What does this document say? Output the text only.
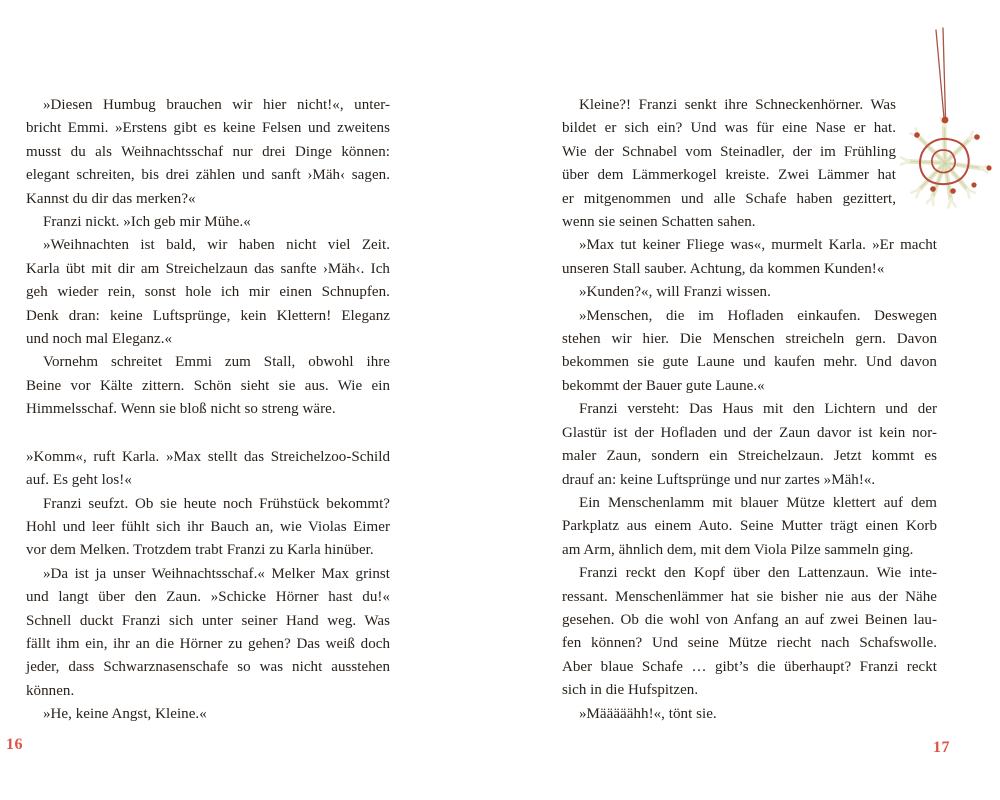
»Diesen Humbug brauchen wir hier nicht!«, unter-
bricht Emmi. »Erstens gibt es keine Felsen und zweitens
musst du als Weihnachtsschaf nur drei Dinge können:
elegant schreiten, bis drei zählen und sanft ›Mäh‹ sagen.
Kannst du dir das merken?«
Franzi nickt. »Ich geb mir Mühe.«
»Weihnachten ist bald, wir haben nicht viel Zeit.
Karla übt mit dir am Streichelzaun das sanfte ›Mäh‹. Ich
geh wieder rein, sonst hole ich mir einen Schnupfen.
Denk dran: keine Luftsprünge, kein Klettern! Eleganz
und noch mal Eleganz.«
Vornehm schreitet Emmi zum Stall, obwohl ihre
Beine vor Kälte zittern. Schön sieht sie aus. Wie ein
Himmelsschaf. Wenn sie bloß nicht so streng wäre.
»Komm«, ruft Karla. »Max stellt das Streichelzoo-Schild
auf. Es geht los!«
Franzi seufzt. Ob sie heute noch Frühstück bekommt?
Hohl und leer fühlt sich ihr Bauch an, wie Violas Eimer
vor dem Melken. Trotzdem trabt Franzi zu Karla hinüber.
»Da ist ja unser Weihnachtsschaf.« Melker Max grinst
und langt über den Zaun. »Schicke Hörner hast du!«
Schnell duckt Franzi sich unter seiner Hand weg. Was
fällt ihm ein, ihr an die Hörner zu gehen? Das weiß doch
jeder, dass Schwarznasenschafe so was nicht ausstehen
können.
»He, keine Angst, Kleine.«
Kleine?! Franzi senkt ihre Schneckenhörner. Was
bildet er sich ein? Und was für eine Nase er hat.
Wie der Schnabel vom Steinadler, der im Frühling
über dem Lämmerkogel kreiste. Zwei Lämmer hat
er mitgenommen und alle Schafe haben gezittert,
wenn sie seinen Schatten sahen.
»Max tut keiner Fliege was«, murmelt Karla. »Er macht
unseren Stall sauber. Achtung, da kommen Kunden!«
»Kunden?«, will Franzi wissen.
»Menschen, die im Hofladen einkaufen. Deswegen
stehen wir hier. Die Menschen streicheln gern. Davon
bekommen sie gute Laune und kaufen mehr. Und davon
bekommt der Bauer gute Laune.«
Franzi versteht: Das Haus mit den Lichtern und der
Glastür ist der Hofladen und der Zaun davor ist kein nor-
maler Zaun, sondern ein Streichelzaun. Jetzt kommt es
drauf an: keine Luftsprünge und nur zartes »Mäh!«.
Ein Menschenlamm mit blauer Mütze klettert auf dem
Parkplatz aus einem Auto. Seine Mutter trägt einen Korb
am Arm, ähnlich dem, mit dem Viola Pilze sammeln ging.
Franzi reckt den Kopf über den Lattenzaun. Wie inte-
ressant. Menschenlämmer hat sie bisher nie aus der Nähe
gesehen. Ob die wohl von Anfang an auf zwei Beinen lau-
fen können? Und seine Mütze riecht nach Schafswolle.
Aber blaue Schafe … gibt’s die überhaupt? Franzi reckt
sich in die Hufspitzen.
»Määääähh!«, tönt sie.
16	17
